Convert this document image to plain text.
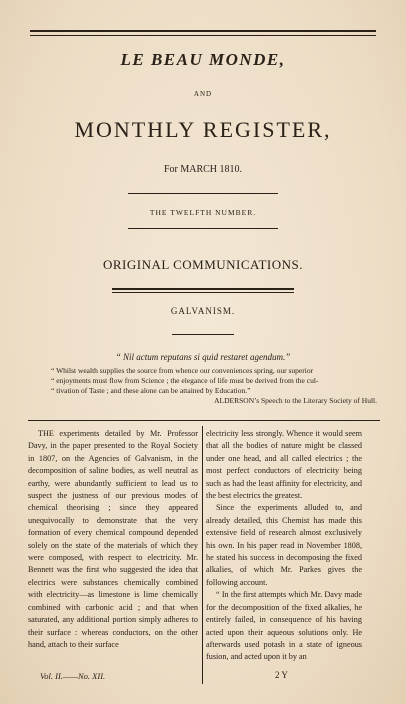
LE BEAU MONDE,
AND
MONTHLY REGISTER,
For MARCH 1810.
THE TWELFTH NUMBER.
ORIGINAL COMMUNICATIONS.
GALVANISM.
“ Nil actum reputans si quid restaret agendum.”
“ Whilst wealth supplies the source from whence our conveniences spring, our superior
“ enjoyments must flow from Science ; the elegance of life must be derived from the cul-
“ tivation of Taste ; and these alone can be attained by Education.”
ALDERSON’s Speech to the Literary Society of Hull.

THE experiments detailed by Mr. Professor Davy, in the paper presented to the Royal Society in 1807, on the Agencies of Galvanism, in the decomposition of saline bodies, as well neutral as earthy, were abundantly sufficient to lead us to suspect the justness of our previous modes of chemical theorising ; since they appeared unequivocally to demonstrate that the very formation of every chemical compound depended solely on the state of the materials of which they were composed, with respect to electricity. Mr. Bennett was the first who suggested the idea that electrics were substances chemically combined with electricity—as limestone is lime chemically combined with carbonic acid ; and that when saturated, any additional portion simply adheres to their surface : whereas conductors, on the other hand, attach to their surface

electricity less strongly. Whence it would seem that all the bodies of nature might be classed under one head, and all called electrics ; the most perfect conductors of electricity being such as had the least affinity for electricity, and the best electrics the greatest.

Since the experiments alluded to, and already detailed, this Chemist has made this extensive field of research almost exclusively his own. In his paper read in November 1808, he stated his success in decomposing the fixed alkalies, of which Mr. Parkes gives the following account.

“ In the first attempts which Mr. Davy made for the decomposition of the fixed alkalies, he entirely failed, in consequence of his having acted upon their aqueous solutions only. He afterwards used potash in a state of igneous fusion, and acted upon it by an

Vol. II.——No. XII.	2 Y
